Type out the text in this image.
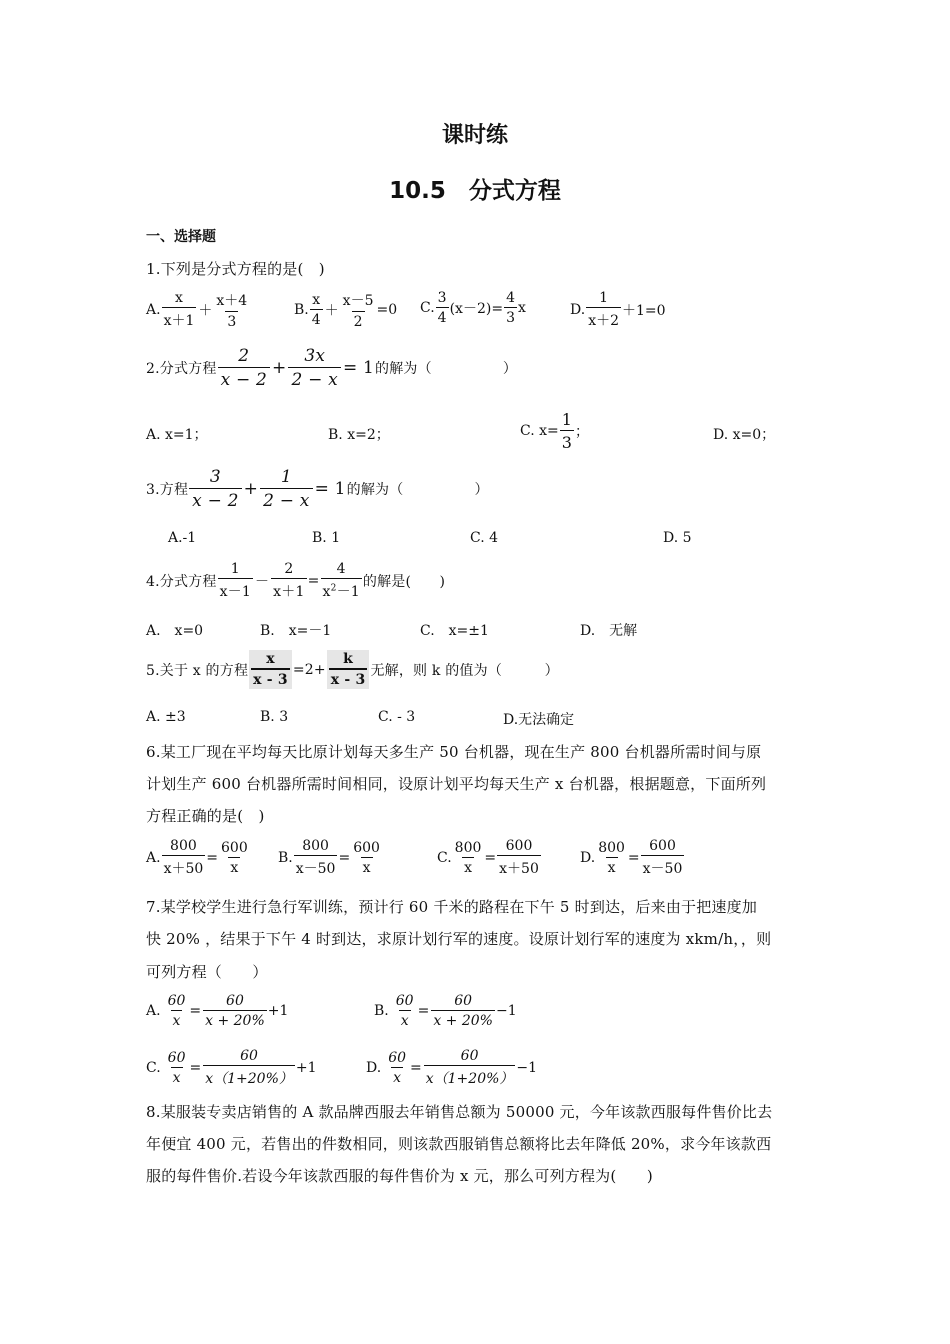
课时练
10.5　分式方程
一、选择题
1.下列是分式方程的是(　)
A. $\frac{x}{x+1} + \frac{x+4}{3}$	B. $\frac{x}{4} + \frac{x-5}{2} =0$ C. $\frac{3}{4} (x-2)= \frac{4}{3}$ x	D. $\frac{1}{x+2} +1=0$
2.分式方程 $\frac{2}{x - 2} + \frac{3x}{2 - x} = 1$ 的解为（　　　　　）
A. x=1；	B. x=2；	C. $x= \frac{1}{3}$ ；	D. x=0；
3.方程 $\frac{3}{x - 2} + \frac{1}{2 - x} = 1$ 的解为（　　　　　）
A.-1	B. 1	C. 4	D. 5
4.分式方程 $\frac{1}{x-1} - \frac{2}{x+1} = \frac{4}{x^2-1}$ 的解是(　　)
A.　x=0	B.　x=－1	C.　x=±1	D.　无解
5.关于 x 的方程 $\frac{x}{x - 3} =2+ \frac{k}{x - 3}$ 无解，则 k 的值为（　　　）
A. ±3	B. 3	C. - 3	D.无法确定
6.某工厂现在平均每天比原计划每天多生产 50 台机器，现在生产 800 台机器所需时间与原
计划生产 600 台机器所需时间相同，设原计划平均每天生产 x 台机器，根据题意，下面所列
方程正确的是(　)
A. $\frac{800}{x+50} = \frac{600}{x} B$. $\frac{800}{x-50} = \frac{600}{x}$	C. $\frac{800}{x} = \frac{600}{x+50}$	D. $\frac{800}{x} = \frac{600}{x-50}$
7.某学校学生进行急行军训练，预计行 60 千米的路程在下午 5 时到达，后来由于把速度加
快 20% ，结果于下午 4 时到达，求原计划行军的速度。设原计划行军的速度为 xkm/h，，则
可列方程（　　）
A. $\frac{60}{x} = \frac{60}{x + 20\%} +1$	B. $\frac{60}{x} = \frac{60}{x + 20\%} -1$
C. $\frac{60}{x} = \frac{60}{x(1+20\%)} +1$	D. $\frac{60}{x} = \frac{60}{x(1+20\%)} -1$
8.某服装专卖店销售的 A 款品牌西服去年销售总额为 50000 元，今年该款西服每件售价比去
年便宜 400 元，若售出的件数相同，则该款西服销售总额将比去年降低 20%，求今年该款西
服的每件售价.若设今年该款西服的每件售价为 x 元，那么可列方程为(　　)
